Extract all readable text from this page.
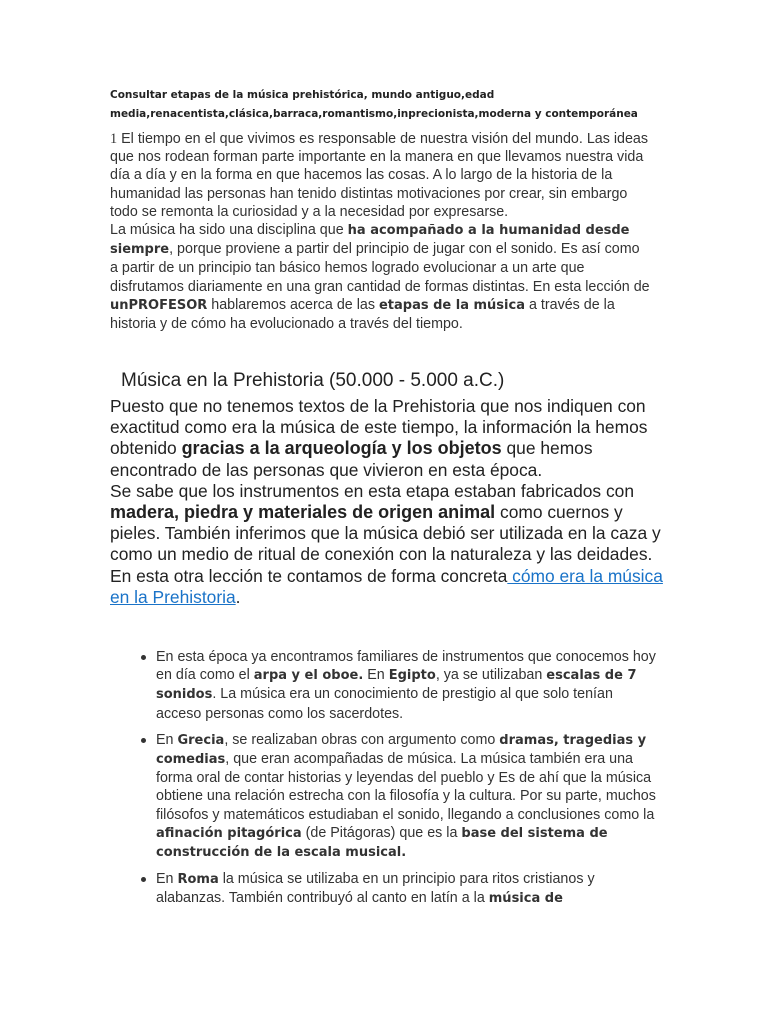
Consultar etapas de la música prehistórica, mundo antiguo,edad media,renacentista,clásica,barraca,romantismo,inprecionista,moderna y contemporánea
1 El tiempo en el que vivimos es responsable de nuestra visión del mundo. Las ideas que nos rodean forman parte importante en la manera en que llevamos nuestra vida día a día y en la forma en que hacemos las cosas. A lo largo de la historia de la humanidad las personas han tenido distintas motivaciones por crear, sin embargo todo se remonta la curiosidad y a la necesidad por expresarse.
La música ha sido una disciplina que ha acompañado a la humanidad desde siempre, porque proviene a partir del principio de jugar con el sonido. Es así como a partir de un principio tan básico hemos logrado evolucionar a un arte que disfrutamos diariamente en una gran cantidad de formas distintas. En esta lección de unPROFESOR hablaremos acerca de las etapas de la música a través de la historia y de cómo ha evolucionado a través del tiempo.
Música en la Prehistoria (50.000 - 5.000 a.C.)
Puesto que no tenemos textos de la Prehistoria que nos indiquen con exactitud como era la música de este tiempo, la información la hemos obtenido gracias a la arqueología y los objetos que hemos encontrado de las personas que vivieron en esta época.
Se sabe que los instrumentos en esta etapa estaban fabricados con madera, piedra y materiales de origen animal como cuernos y pieles. También inferimos que la música debió ser utilizada en la caza y como un medio de ritual de conexión con la naturaleza y las deidades. En esta otra lección te contamos de forma concreta cómo era la música en la Prehistoria.
En esta época ya encontramos familiares de instrumentos que conocemos hoy en día como el arpa y el oboe. En Egipto, ya se utilizaban escalas de 7 sonidos. La música era un conocimiento de prestigio al que solo tenían acceso personas como los sacerdotes.
En Grecia, se realizaban obras con argumento como dramas, tragedias y comedias, que eran acompañadas de música. La música también era una forma oral de contar historias y leyendas del pueblo y Es de ahí que la música obtiene una relación estrecha con la filosofía y la cultura. Por su parte, muchos filósofos y matemáticos estudiaban el sonido, llegando a conclusiones como la afinación pitagórica (de Pitágoras) que es la base del sistema de construcción de la escala musical.
En Roma la música se utilizaba en un principio para ritos cristianos y alabanzas. También contribuyó al canto en latín a la música de
